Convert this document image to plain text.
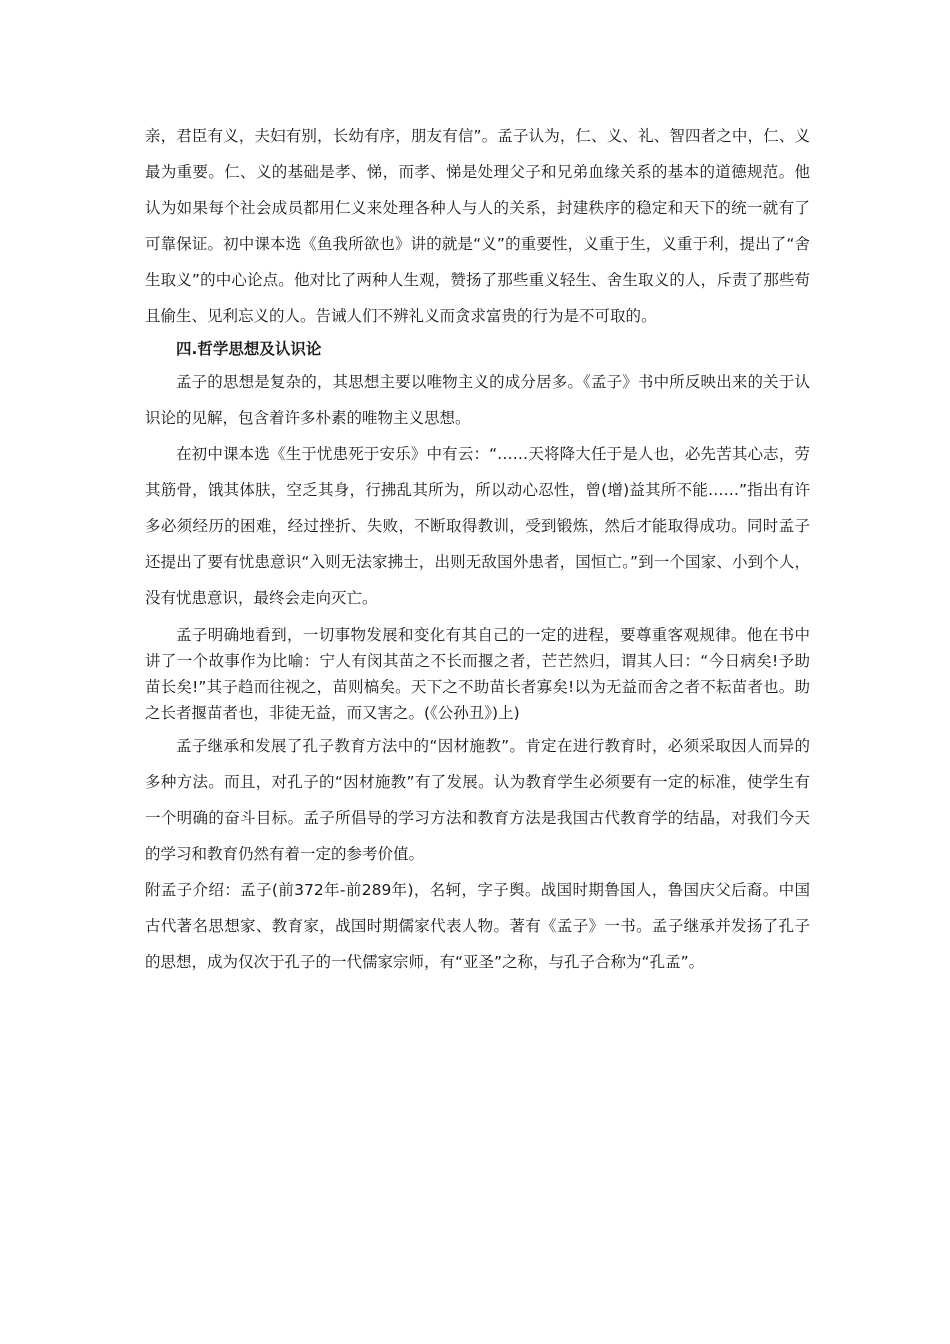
亲，君臣有义，夫妇有别，长幼有序，朋友有信”。孟子认为，仁、义、礼、智四者之中，仁、义最为重要。仁、义的基础是孝、悌，而孝、悌是处理父子和兄弟血缘关系的基本的道德规范。他认为如果每个社会成员都用仁义来处理各种人与人的关系，封建秩序的稳定和天下的统一就有了可靠保证。初中课本选《鱼我所欲也》讲的就是“义”的重要性，义重于生，义重于利，提出了“舍生取义”的中心论点。他对比了两种人生观，赞扬了那些重义轻生、舍生取义的人，斥责了那些苟且偷生、见利忘义的人。告诫人们不辨礼义而贪求富贵的行为是不可取的。

四.哲学思想及认识论

孟子的思想是复杂的，其思想主要以唯物主义的成分居多。《孟子》书中所反映出来的关于认识论的见解，包含着许多朴素的唯物主义思想。

在初中课本选《生于忧患死于安乐》中有云：“……天将降大任于是人也，必先苦其心志，劳其筋骨，饿其体肤，空乏其身，行拂乱其所为，所以动心忍性，曾(增)益其所不能……”指出有许多必须经历的困难，经过挫折、失败，不断取得教训，受到锻炼，然后才能取得成功。同时孟子还提出了要有忧患意识“入则无法家拂士，出则无敌国外患者，国恒亡。”到一个国家、小到个人，没有忧患意识，最终会走向灭亡。

孟子明确地看到，一切事物发展和变化有其自己的一定的进程，要尊重客观规律。他在书中讲了一个故事作为比喻：宁人有闵其苗之不长而揠之者，芒芒然归，谓其人曰：“今日病矣!予助苗长矣!”其子趋而往视之，苗则槁矣。天下之不助苗长者寡矣!以为无益而舍之者不耘苗者也。助之长者揠苗者也，非徒无益，而又害之。(《公孙丑》)上)

孟子继承和发展了孔子教育方法中的“因材施教”。肯定在进行教育时，必须采取因人而异的多种方法。而且，对孔子的“因材施教”有了发展。认为教育学生必须要有一定的标准，使学生有一个明确的奋斗目标。孟子所倡导的学习方法和教育方法是我国古代教育学的结晶，对我们今天的学习和教育仍然有着一定的参考价值。

附孟子介绍：孟子(前372年-前289年)，名轲，字子舆。战国时期鲁国人，鲁国庆父后裔。中国古代著名思想家、教育家，战国时期儒家代表人物。著有《孟子》一书。孟子继承并发扬了孔子的思想，成为仅次于孔子的一代儒家宗师，有“亚圣”之称，与孔子合称为“孔孟”。
